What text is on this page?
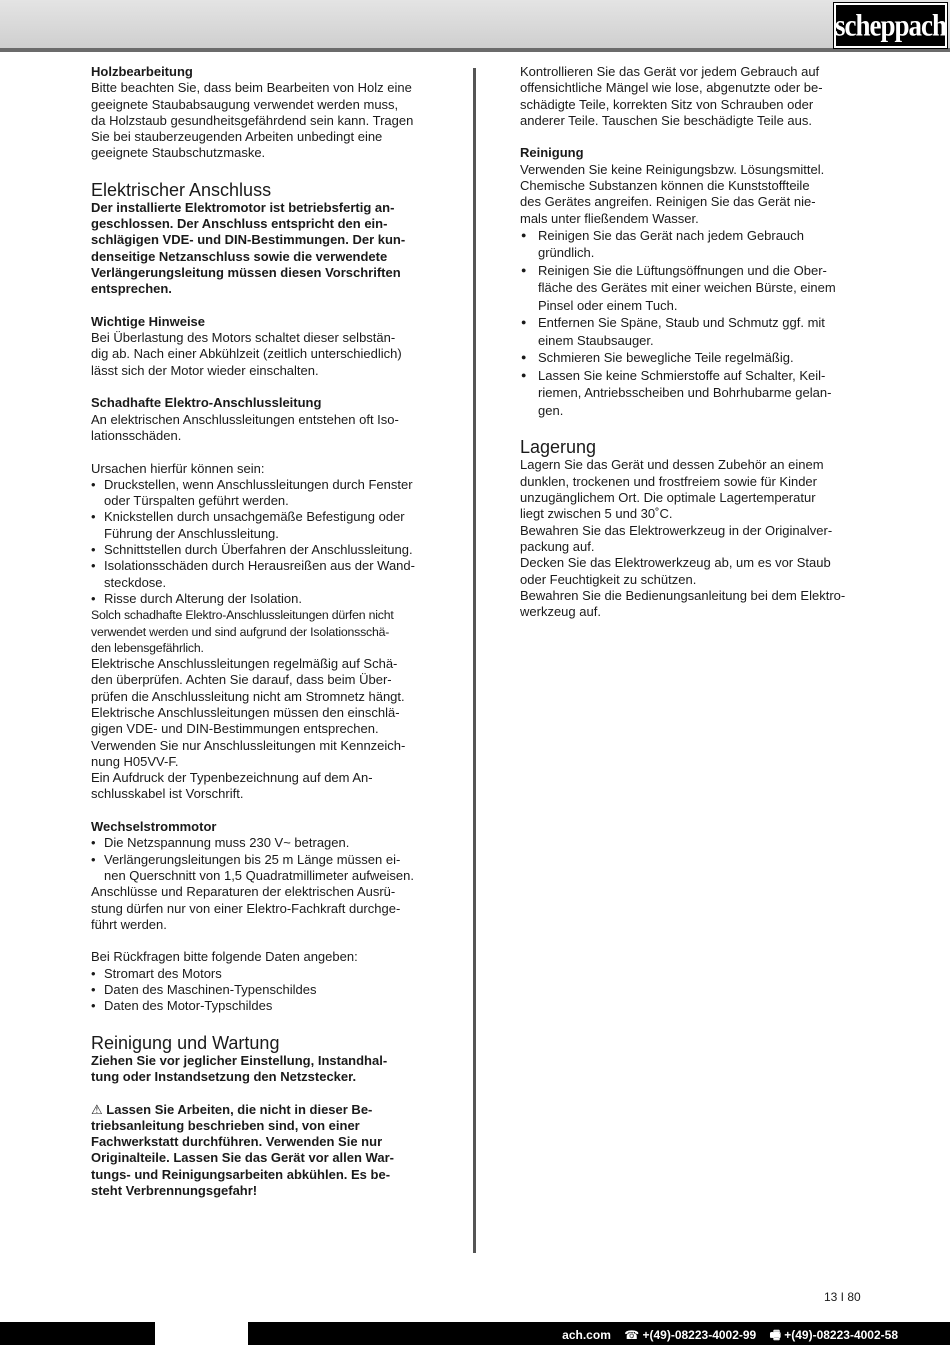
scheppach
Holzbearbeitung
Bitte beachten Sie, dass beim Bearbeiten von Holz eine
geeignete Staubabsaugung verwendet werden muss,
da Holzstaub gesundheitsgefährdend sein kann. Tragen
Sie bei stauberzeugenden Arbeiten unbedingt eine
geeignete Staubschutzmaske.
Elektrischer Anschluss
Der installierte Elektromotor ist betriebsfertig an-
geschlossen. Der Anschluss entspricht den ein-
schlägigen VDE- und DIN-Bestimmungen. Der kun-
denseitige Netzanschluss sowie die verwendete
Verlängerungsleitung müssen diesen Vorschriften
entsprechen.
Wichtige Hinweise
Bei Überlastung des Motors schaltet dieser selbstän-
dig ab. Nach einer Abkühlzeit (zeitlich unterschiedlich)
lässt sich der Motor wieder einschalten.
Schadhafte Elektro-Anschlussleitung
An elektrischen Anschlussleitungen entstehen oft Iso-
lationsschäden.
Ursachen hierfür können sein:
• Druckstellen, wenn Anschlussleitungen durch Fenster
oder Türspalten geführt werden.
• Knickstellen durch unsachgemäße Befestigung oder
Führung der Anschlussleitung.
• Schnittstellen durch Überfahren der Anschlussleitung.
• Isolationsschäden durch Herausreißen aus der Wand-
steckdose.
• Risse durch Alterung der Isolation.
Solch schadhafte Elektro-Anschlussleitungen dürfen nicht
verwendet werden und sind aufgrund der Isolationsschä-
den lebensgefährlich.
Elektrische Anschlussleitungen regelmäßig auf Schä-
den überprüfen. Achten Sie darauf, dass beim Über-
prüfen die Anschlussleitung nicht am Stromnetz hängt.
Elektrische Anschlussleitungen müssen den einschlä-
gigen VDE- und DIN-Bestimmungen entsprechen.
Verwenden Sie nur Anschlussleitungen mit Kennzeich-
nung H05VV-F.
Ein Aufdruck der Typenbezeichnung auf dem An-
schlusskabel ist Vorschrift.
Wechselstrommotor
• Die Netzspannung muss 230 V~ betragen.
• Verlängerungsleitungen bis 25 m Länge müssen ei-
nen Querschnitt von 1,5 Quadratmillimeter aufweisen.
Anschlüsse und Reparaturen der elektrischen Ausrü-
stung dürfen nur von einer Elektro-Fachkraft durchge-
führt werden.
Bei Rückfragen bitte folgende Daten angeben:
• Stromart des Motors
• Daten des Maschinen-Typenschildes
• Daten des Motor-Typschildes
Reinigung und Wartung
Ziehen Sie vor jeglicher Einstellung, Instandhal-
tung oder Instandsetzung den Netzstecker.
⚠ Lassen Sie Arbeiten, die nicht in dieser Be-
triebsanleitung beschrieben sind, von einer
Fachwerkstatt durchführen. Verwenden Sie nur
Originalteile. Lassen Sie das Gerät vor allen War-
tungs- und Reinigungsarbeiten abkühlen. Es be-
steht Verbrennungsgefahr!
Kontrollieren Sie das Gerät vor jedem Gebrauch auf
offensichtliche Mängel wie lose, abgenutzte oder be-
schädigte Teile, korrekten Sitz von Schrauben oder
anderer Teile. Tauschen Sie beschädigte Teile aus.
Reinigung
Verwenden Sie keine Reinigungsbzw. Lösungsmittel.
Chemische Substanzen können die Kunststoffteile
des Gerätes angreifen. Reinigen Sie das Gerät nie-
mals unter fließendem Wasser.
● Reinigen Sie das Gerät nach jedem Gebrauch
gründlich.
● Reinigen Sie die Lüftungsöffnungen und die Ober-
fläche des Gerätes mit einer weichen Bürste, einem
Pinsel oder einem Tuch.
● Entfernen Sie Späne, Staub und Schmutz ggf. mit
einem Staubsauger.
● Schmieren Sie bewegliche Teile regelmäßig.
● Lassen Sie keine Schmierstoffe auf Schalter, Keil-
riemen, Antriebsscheiben und Bohrhubarme gelan-
gen.
Lagerung
Lagern Sie das Gerät und dessen Zubehör an einem
dunklen, trockenen und frostfreiem sowie für Kinder
unzugänglichem Ort. Die optimale Lagertemperatur
liegt zwischen 5 und 30˚C.
Bewahren Sie das Elektrowerkzeug in der Originalver-
packung auf.
Decken Sie das Elektrowerkzeug ab, um es vor Staub
oder Feuchtigkeit zu schützen.
Bewahren Sie die Bedienungsanleitung bei dem Elektro-
werkzeug auf.
13 I 80
ach.com ☎ +(49)-08223-4002-99 🖷 +(49)-08223-4002-58
